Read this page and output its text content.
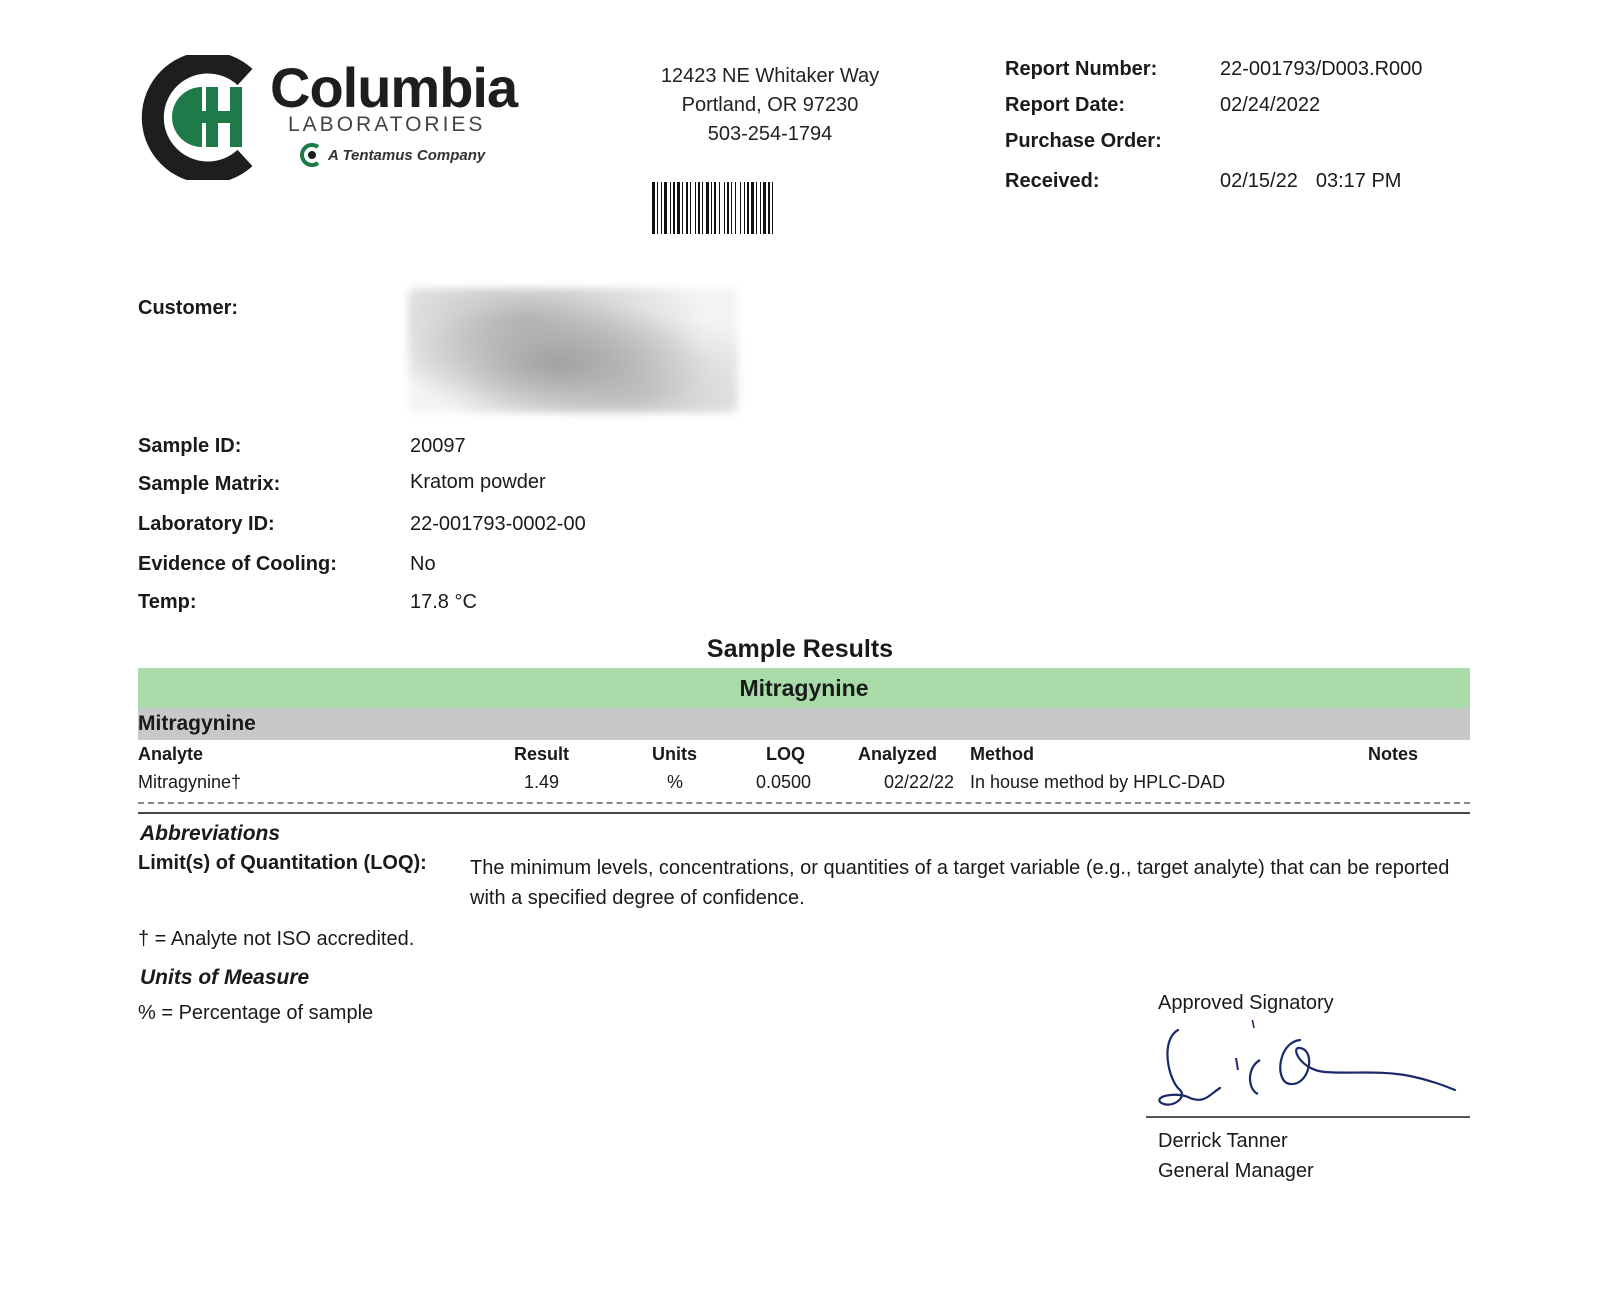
Columbia
LABORATORIES
A Tentamus Company
12423 NE Whitaker Way
Portland, OR 97230
503-254-1794
Report Number:	22-001793/D003.R000
Report Date:	02/24/2022
Purchase Order:
Received:	02/15/22 03:17 PM
Customer:
Sample ID:	20097
Sample Matrix:	Kratom powder
Laboratory ID:	22-001793-0002-00
Evidence of Cooling:	No
Temp:	17.8 °C
Sample Results
Mitragynine
Mitragynine
Analyte	Result	Units	LOQ	Analyzed Method	Notes
Mitragynine†	1.49	%	0.0500	02/22/22 In house method by HPLC-DAD
Abbreviations
Limit(s) of Quantitation (LOQ): The minimum levels, concentrations, or quantities of a target variable (e.g., target analyte) that can be reported with a specified degree of confidence.
† = Analyte not ISO accredited.
Units of Measure
% = Percentage of sample	Approved Signatory
Derrick Tanner
General Manager
